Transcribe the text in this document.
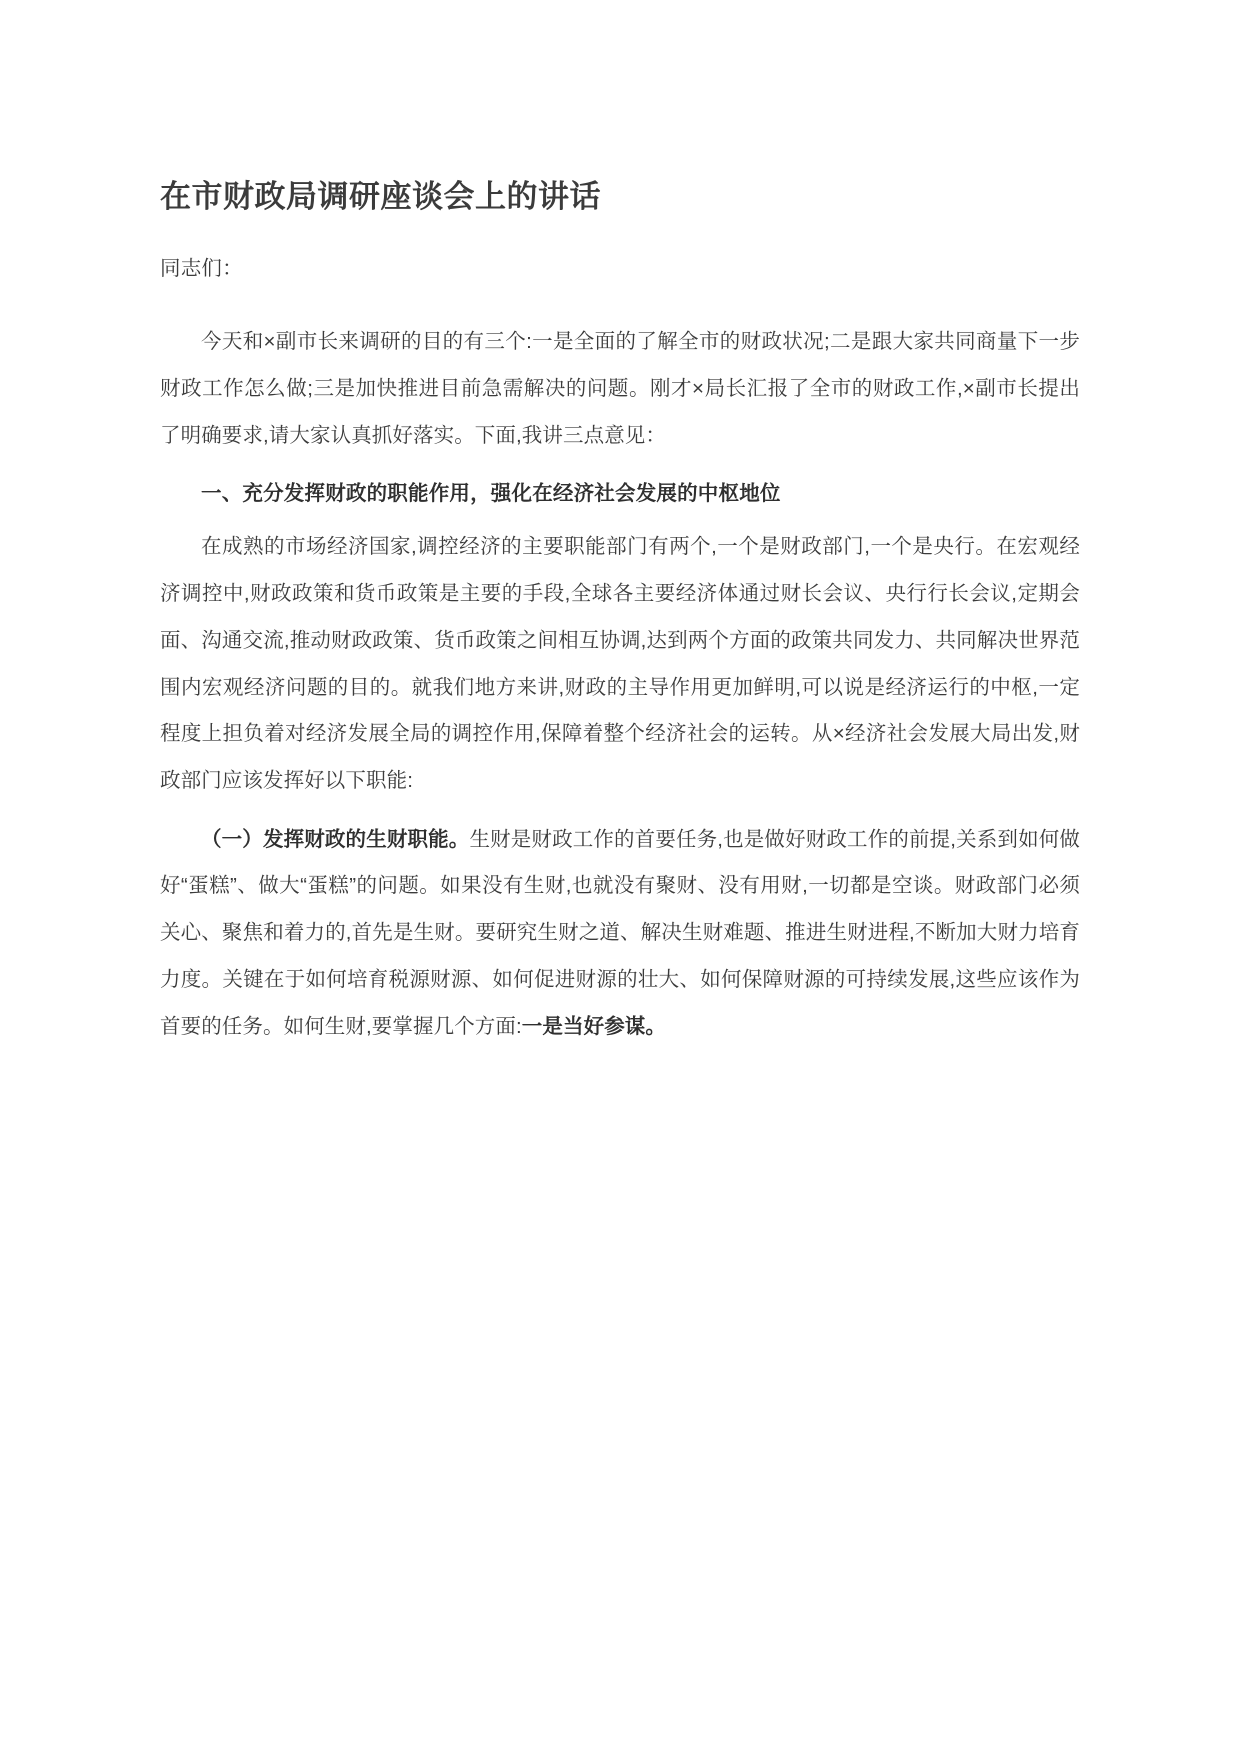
在市财政局调研座谈会上的讲话
同志们：

今天和×副市长来调研的目的有三个:一是全面的了解全市的财政状况;二是跟大家共同商量下一步财政工作怎么做;三是加快推进目前急需解决的问题。刚才×局长汇报了全市的财政工作,×副市长提出了明确要求,请大家认真抓好落实。下面,我讲三点意见：

一、充分发挥财政的职能作用，强化在经济社会发展的中枢地位

在成熟的市场经济国家,调控经济的主要职能部门有两个,一个是财政部门,一个是央行。在宏观经济调控中,财政政策和货币政策是主要的手段,全球各主要经济体通过财长会议、央行行长会议,定期会面、沟通交流,推动财政政策、货币政策之间相互协调,达到两个方面的政策共同发力、共同解决世界范围内宏观经济问题的目的。就我们地方来讲,财政的主导作用更加鲜明,可以说是经济运行的中枢,一定程度上担负着对经济发展全局的调控作用,保障着整个经济社会的运转。从×经济社会发展大局出发,财政部门应该发挥好以下职能:

（一）发挥财政的生财职能。生财是财政工作的首要任务,也是做好财政工作的前提,关系到如何做好“蛋糕”、做大“蛋糕”的问题。如果没有生财,也就没有聚财、没有用财,一切都是空谈。财政部门必须关心、聚焦和着力的,首先是生财。要研究生财之道、解决生财难题、推进生财进程,不断加大财力培育力度。关键在于如何培育税源财源、如何促进财源的壮大、如何保障财源的可持续发展,这些应该作为首要的任务。如何生财,要掌握几个方面:一是当好参谋。
